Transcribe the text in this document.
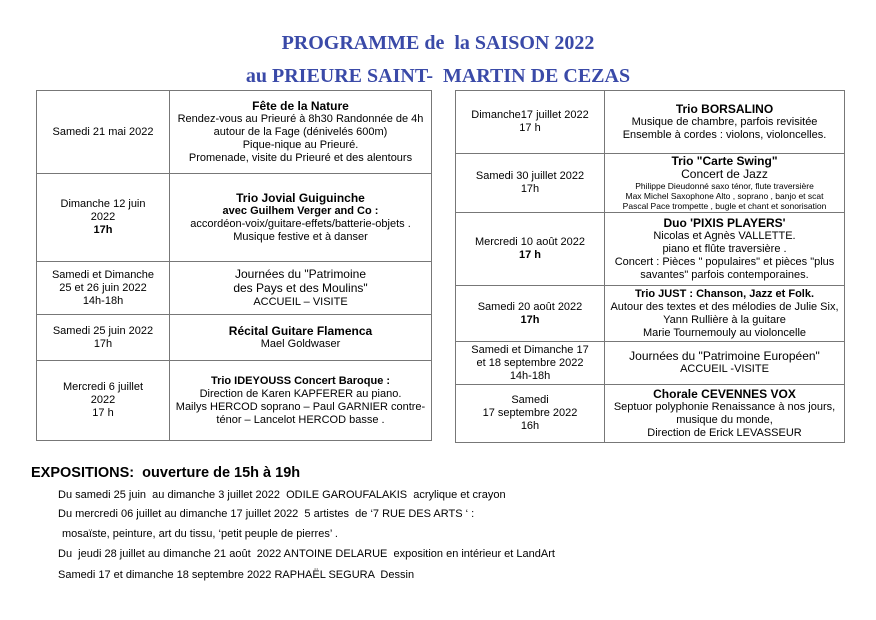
PROGRAMME de  la SAISON 2022
au PRIEURE SAINT-  MARTIN DE CEZAS
Samedi 21 mai 2022	Fête de la Nature
Rendez-vous au Prieuré à 8h30 Randonnée de 4h autour de la Fage (dénivelés 600m)
Pique-nique au Prieuré.
Promenade, visite du Prieuré et des alentours

Dimanche 12 juin
2022
17h	Trio Jovial Guiguinche
avec Guilhem Verger and Co :
accordéon-voix/guitare-effets/batterie-objets .
Musique festive et à danser

Samedi et Dimanche
25 et 26 juin 2022
14h-18h	Journées du "Patrimoine
des Pays et des Moulins"
ACCUEIL – VISITE

Samedi 25 juin 2022
17h	Récital Guitare Flamenca
Mael Goldwaser

Mercredi 6 juillet
2022
17 h	Trio IDEYOUSS Concert Baroque :
Direction de Karen KAPFERER au piano.
Mailys HERCOD soprano – Paul GARNIER contre-ténor – Lancelot HERCOD basse .
Dimanche17 juillet 2022
17 h	Trio BORSALINO
Musique de chambre, parfois revisitée
Ensemble à cordes : violons, violoncelles.

Samedi 30 juillet 2022
17h	Trio "Carte Swing"
Concert de Jazz
Philippe Dieudonné saxo ténor, flute traversière
Max Michel Saxophone Alto , soprano , banjo et scat
Pascal Pace trompette , bugle et chant et sonorisation

Mercredi 10 août 2022
17 h	Duo 'PIXIS PLAYERS'
Nicolas et Agnès VALLETTE.
piano et flûte traversière .
Concert : Pièces " populaires" et pièces "plus savantes" parfois contemporaines.

Samedi 20 août 2022
17h	Trio JUST : Chanson, Jazz et Folk.
Autour des textes et des mélodies de Julie Six, Yann Rullière à la guitare
Marie Tournemouly au violoncelle

Samedi et Dimanche 17
et 18 septembre 2022
14h-18h	Journées du "Patrimoine Européen"
ACCUEIL -VISITE

Samedi
17 septembre 2022
16h	Chorale CEVENNES VOX
Septuor polyphonie Renaissance à nos jours, musique du monde,
Direction de Erick LEVASSEUR
EXPOSITIONS:  ouverture de 15h à 19h
Du samedi 25 juin  au dimanche 3 juillet 2022  ODILE GAROUFALAKIS  acrylique et crayon
Du mercredi 06 juillet au dimanche 17 juillet 2022  5 artistes  de ‘7 RUE DES ARTS ‘ :
mosaïste, peinture, art du tissu, ‘petit peuple de pierres’ .
Du  jeudi 28 juillet au dimanche 21 août  2022 ANTOINE DELARUE  exposition en intérieur et LandArt
Samedi 17 et dimanche 18 septembre 2022 RAPHAËL SEGURA  Dessin
